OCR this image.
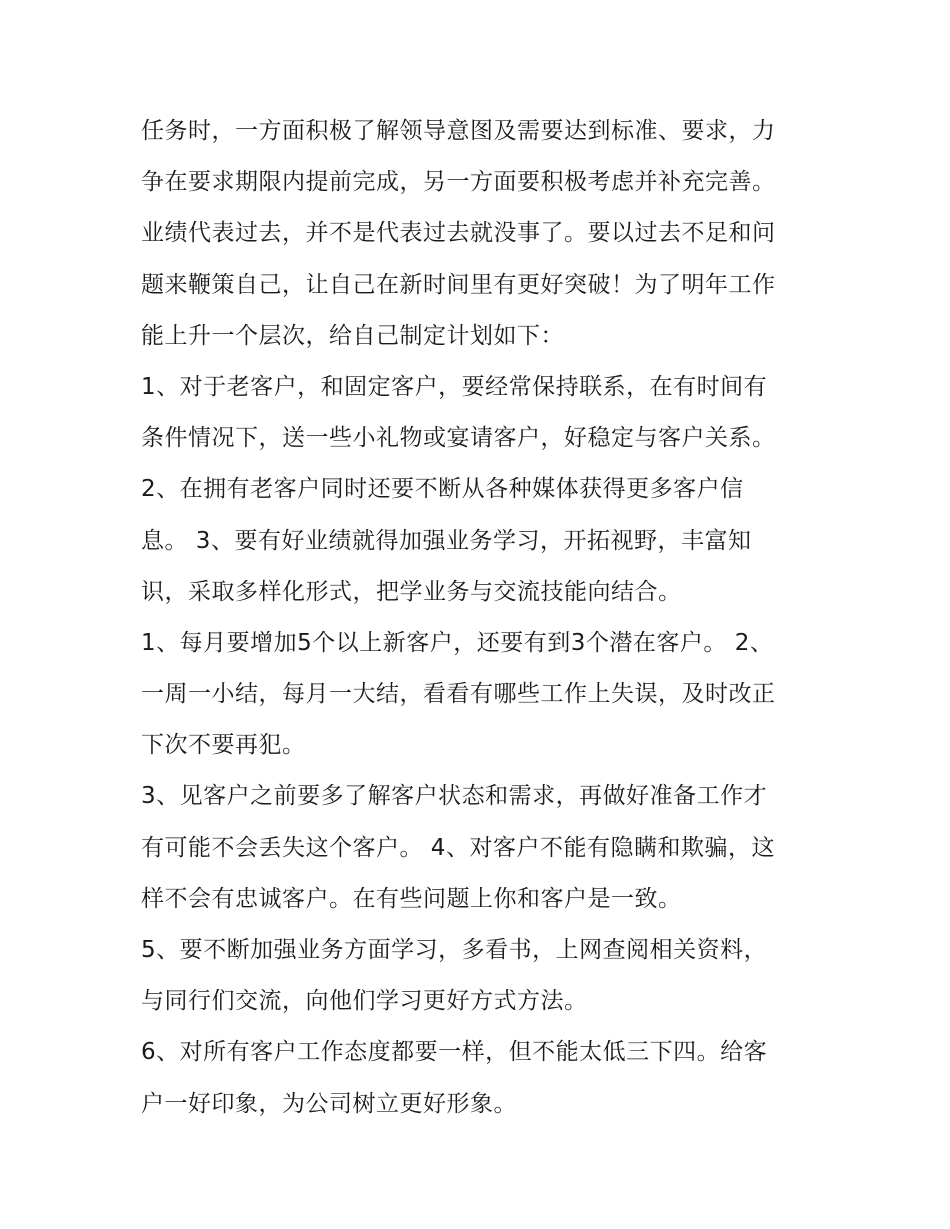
任务时，一方面积极了解领导意图及需要达到标准、要求，力
争在要求期限内提前完成，另一方面要积极考虑并补充完善。
业绩代表过去，并不是代表过去就没事了。要以过去不足和问
题来鞭策自己，让自己在新时间里有更好突破！为了明年工作
能上升一个层次，给自己制定计划如下：
1、对于老客户，和固定客户，要经常保持联系，在有时间有
条件情况下，送一些小礼物或宴请客户，好稳定与客户关系。
2、在拥有老客户同时还要不断从各种媒体获得更多客户信
息。 3、要有好业绩就得加强业务学习，开拓视野，丰富知
识，采取多样化形式，把学业务与交流技能向结合。
1、每月要增加5个以上新客户，还要有到3个潜在客户。 2、
一周一小结，每月一大结，看看有哪些工作上失误，及时改正
下次不要再犯。
3、见客户之前要多了解客户状态和需求，再做好准备工作才
有可能不会丢失这个客户。 4、对客户不能有隐瞒和欺骗，这
样不会有忠诚客户。在有些问题上你和客户是一致。
5、要不断加强业务方面学习，多看书，上网查阅相关资料，
与同行们交流，向他们学习更好方式方法。
6、对所有客户工作态度都要一样，但不能太低三下四。给客
户一好印象，为公司树立更好形象。
